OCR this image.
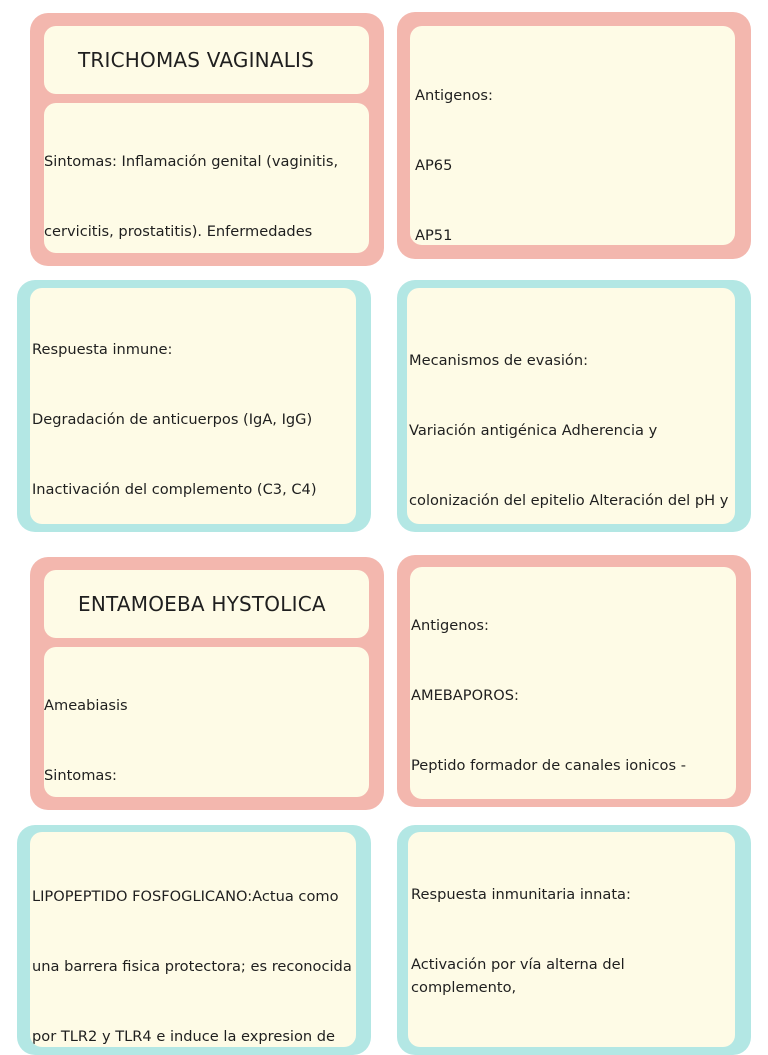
TRICHOMAS VAGINALIS

Sintomas: Inflamación genital (vaginitis,

cervicitis, prostatitis). Enfermedades

Antigenos:

AP65

AP51

Respuesta inmune:

Degradación de anticuerpos (IgA, IgG)

Inactivación del complemento (C3, C4)

Mecanismos de evasión:

Variación antigénica Adherencia y

colonización del epitelio Alteración del pH y

ENTAMOEBA HYSTOLICA

Ameabiasis

Sintomas:

Antigenos:

AMEBAPOROS:

Peptido formador de canales ionicos -

LIPOPEPTIDO FOSFOGLICANO:Actua como

una barrera fisica protectora; es reconocida

por TLR2 y TLR4 e induce la expresion de

Respuesta inmunitaria innata:

Activación por vía alterna del complemento,
